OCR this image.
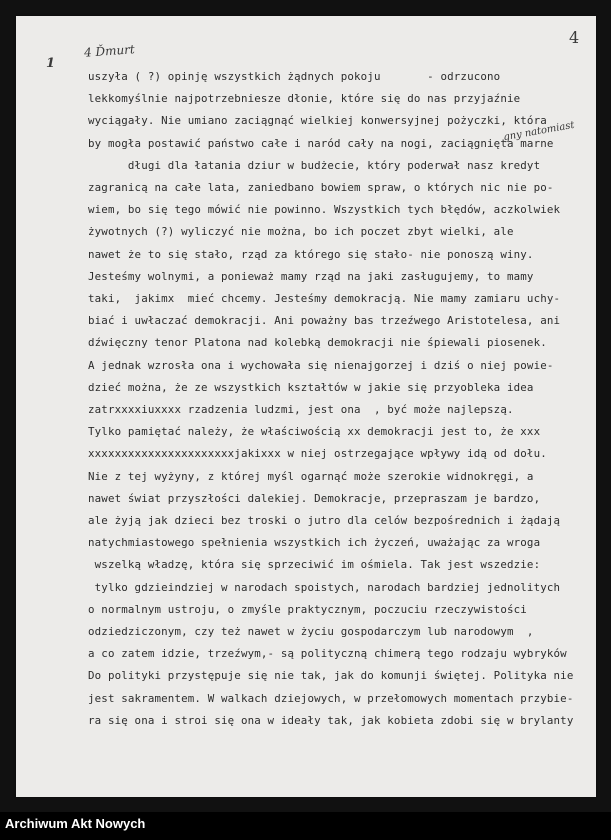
4
4 Ďmurt
1
gny natomiast
uszyła ( ?) opinję wszystkich żądnych pokoju       - odrzucono
lekkomyślnie najpotrzebniesze dłonie, które się do nas przyjaźnie
wyciągały. Nie umiano zaciągnąć wielkiej konwersyjnej pożyczki, która
by mogła postawić państwo całe i naród cały na nogi, zaciągnięta marne
długi dla łatania dziur w budżecie, który poderwał nasz kredyt
zagranicą na całe lata, zaniedbano bowiem spraw, o których nic nie po-
wiem, bo się tego mówić nie powinno. Wszystkich tych błędów, aczkolwiek
żywotnych (?) wyliczyć nie można, bo ich poczet zbyt wielki, ale
nawet że to się stało, rząd za którego się stało- nie ponoszą winy.
Jesteśmy wolnymi, a ponieważ mamy rząd na jaki zasługujemy, to mamy
taki,  jakimx  mieć chcemy. Jesteśmy demokracją. Nie mamy zamiaru uchy-
biać i uwłaczać demokracji. Ani poważny bas trzeźwego Aristotelesa, ani
dźwięczny tenor Platona nad kolebką demokracji nie śpiewali piosenek.
A jednak wzrosła ona i wychowała się nienajgorzej i dziś o niej powie-
dzieć można, że ze wszystkich kształtów w jakie się przyobleka idea
zatrxxxxiuxxxx rzadzenia ludzmi, jest ona  , być może najlepszą.
Tylko pamiętać należy, że właściwością xx demokracji jest to, że xxx
xxxxxxxxxxxxxxxxxxxxxxjakixxx w niej ostrzegające wpływy idą od dołu.
Nie z tej wyżyny, z której myśl ogarnąć może szerokie widnokręgi, a
nawet świat przyszłości dalekiej. Demokracje, przepraszam je bardzo,
ale żyją jak dzieci bez troski o jutro dla celów bezpośrednich i żądają
natychmiastowego spełnienia wszystkich ich życzeń, uważając za wroga
wszelką władzę, która się sprzeciwić im ośmiela. Tak jest wszedzie:
tylko gdzieindziej w narodach spoistych, narodach bardziej jednolitych
o normalnym ustroju, o zmyśle praktycznym, poczuciu rzeczywistości
odziedziczonym, czy też nawet w życiu gospodarczym lub narodowym  ,
a co zatem idzie, trzeźwym,- są polityczną chimerą tego rodzaju wybryków
Do polityki przystępuje się nie tak, jak do komunji świętej. Polityka nie
jest sakramentem. W walkach dziejowych, w przełomowych momentach przybie-
ra się ona i stroi się ona w ideały tak, jak kobieta zdobi się w brylanty
Archiwum Akt Nowych
